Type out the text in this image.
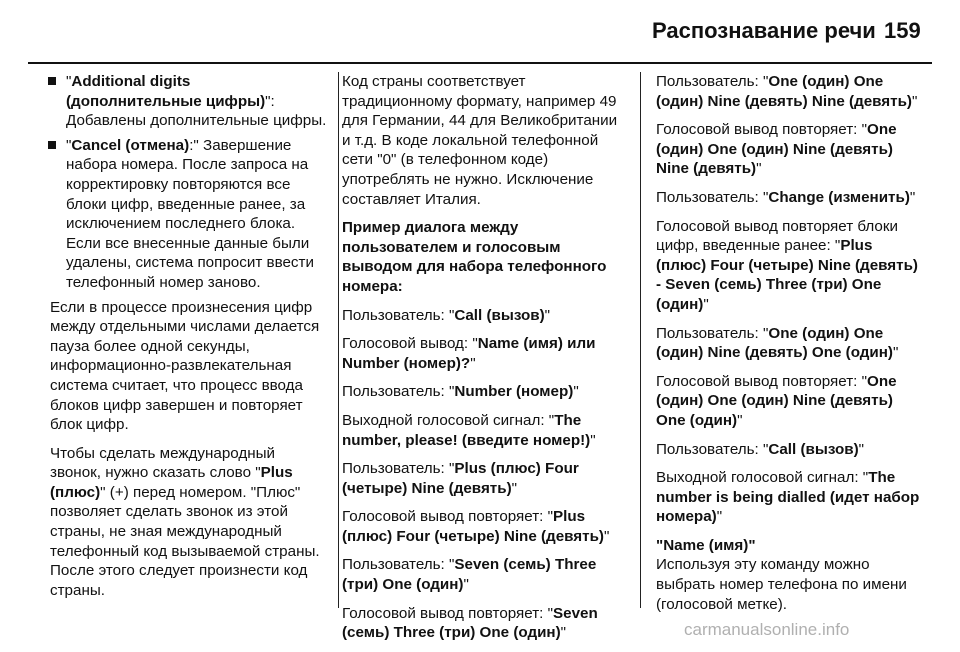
Распознавание речи 159
"Additional digits (дополнительные цифры)": Добавлены дополнительные цифры.
"Cancel (отмена):" Завершение набора номера. После запроса на корректировку повторяются все блоки цифр, введенные ранее, за исключением последнего блока. Если все внесенные данные были удалены, система попросит ввести телефонный номер заново.

Если в процессе произнесения цифр между отдельными числами делается пауза более одной секунды, информационно-развлекательная система считает, что процесс ввода блоков цифр завершен и повторяет блок цифр.

Чтобы сделать международный звонок, нужно сказать слово "Plus (плюс)" (+) перед номером. "Плюс" позволяет сделать звонок из этой страны, не зная международный телефонный код вызываемой страны. После этого следует произнести код страны.

Код страны соответствует традиционному формату, например 49 для Германии, 44 для Великобритании и т.д. В коде локальной телефонной сети "0" (в телефонном коде) употреблять не нужно. Исключение составляет Италия.

Пример диалога между пользователем и голосовым выводом для набора телефонного номера:

Пользователь: "Call (вызов)"

Голосовой вывод: "Name (имя) или Number (номер)?"

Пользователь: "Number (номер)"

Выходной голосовой сигнал: "The number, please! (введите номер!)"

Пользователь: "Plus (плюс) Four (четыре) Nine (девять)"

Голосовой вывод повторяет: "Plus (плюс) Four (четыре) Nine (девять)"

Пользователь: "Seven (семь) Three (три) One (один)"

Голосовой вывод повторяет: "Seven (семь) Three (три) One (один)"

Пользователь: "One (один) One (один) Nine (девять) Nine (девять)"

Голосовой вывод повторяет: "One (один) One (один) Nine (девять) Nine (девять)"

Пользователь: "Change (изменить)"

Голосовой вывод повторяет блоки цифр, введенные ранее: "Plus (плюс) Four (четыре) Nine (девять) - Seven (семь) Three (три) One (один)"

Пользователь: "One (один) One (один) Nine (девять) One (один)"

Голосовой вывод повторяет: "One (один) One (один) Nine (девять) One (один)"

Пользователь: "Call (вызов)"

Выходной голосовой сигнал: "The number is being dialled (идет набор номера)"

"Name (имя)"

Используя эту команду можно выбрать номер телефона по имени (голосовой метке).

carmanualsonline.info
